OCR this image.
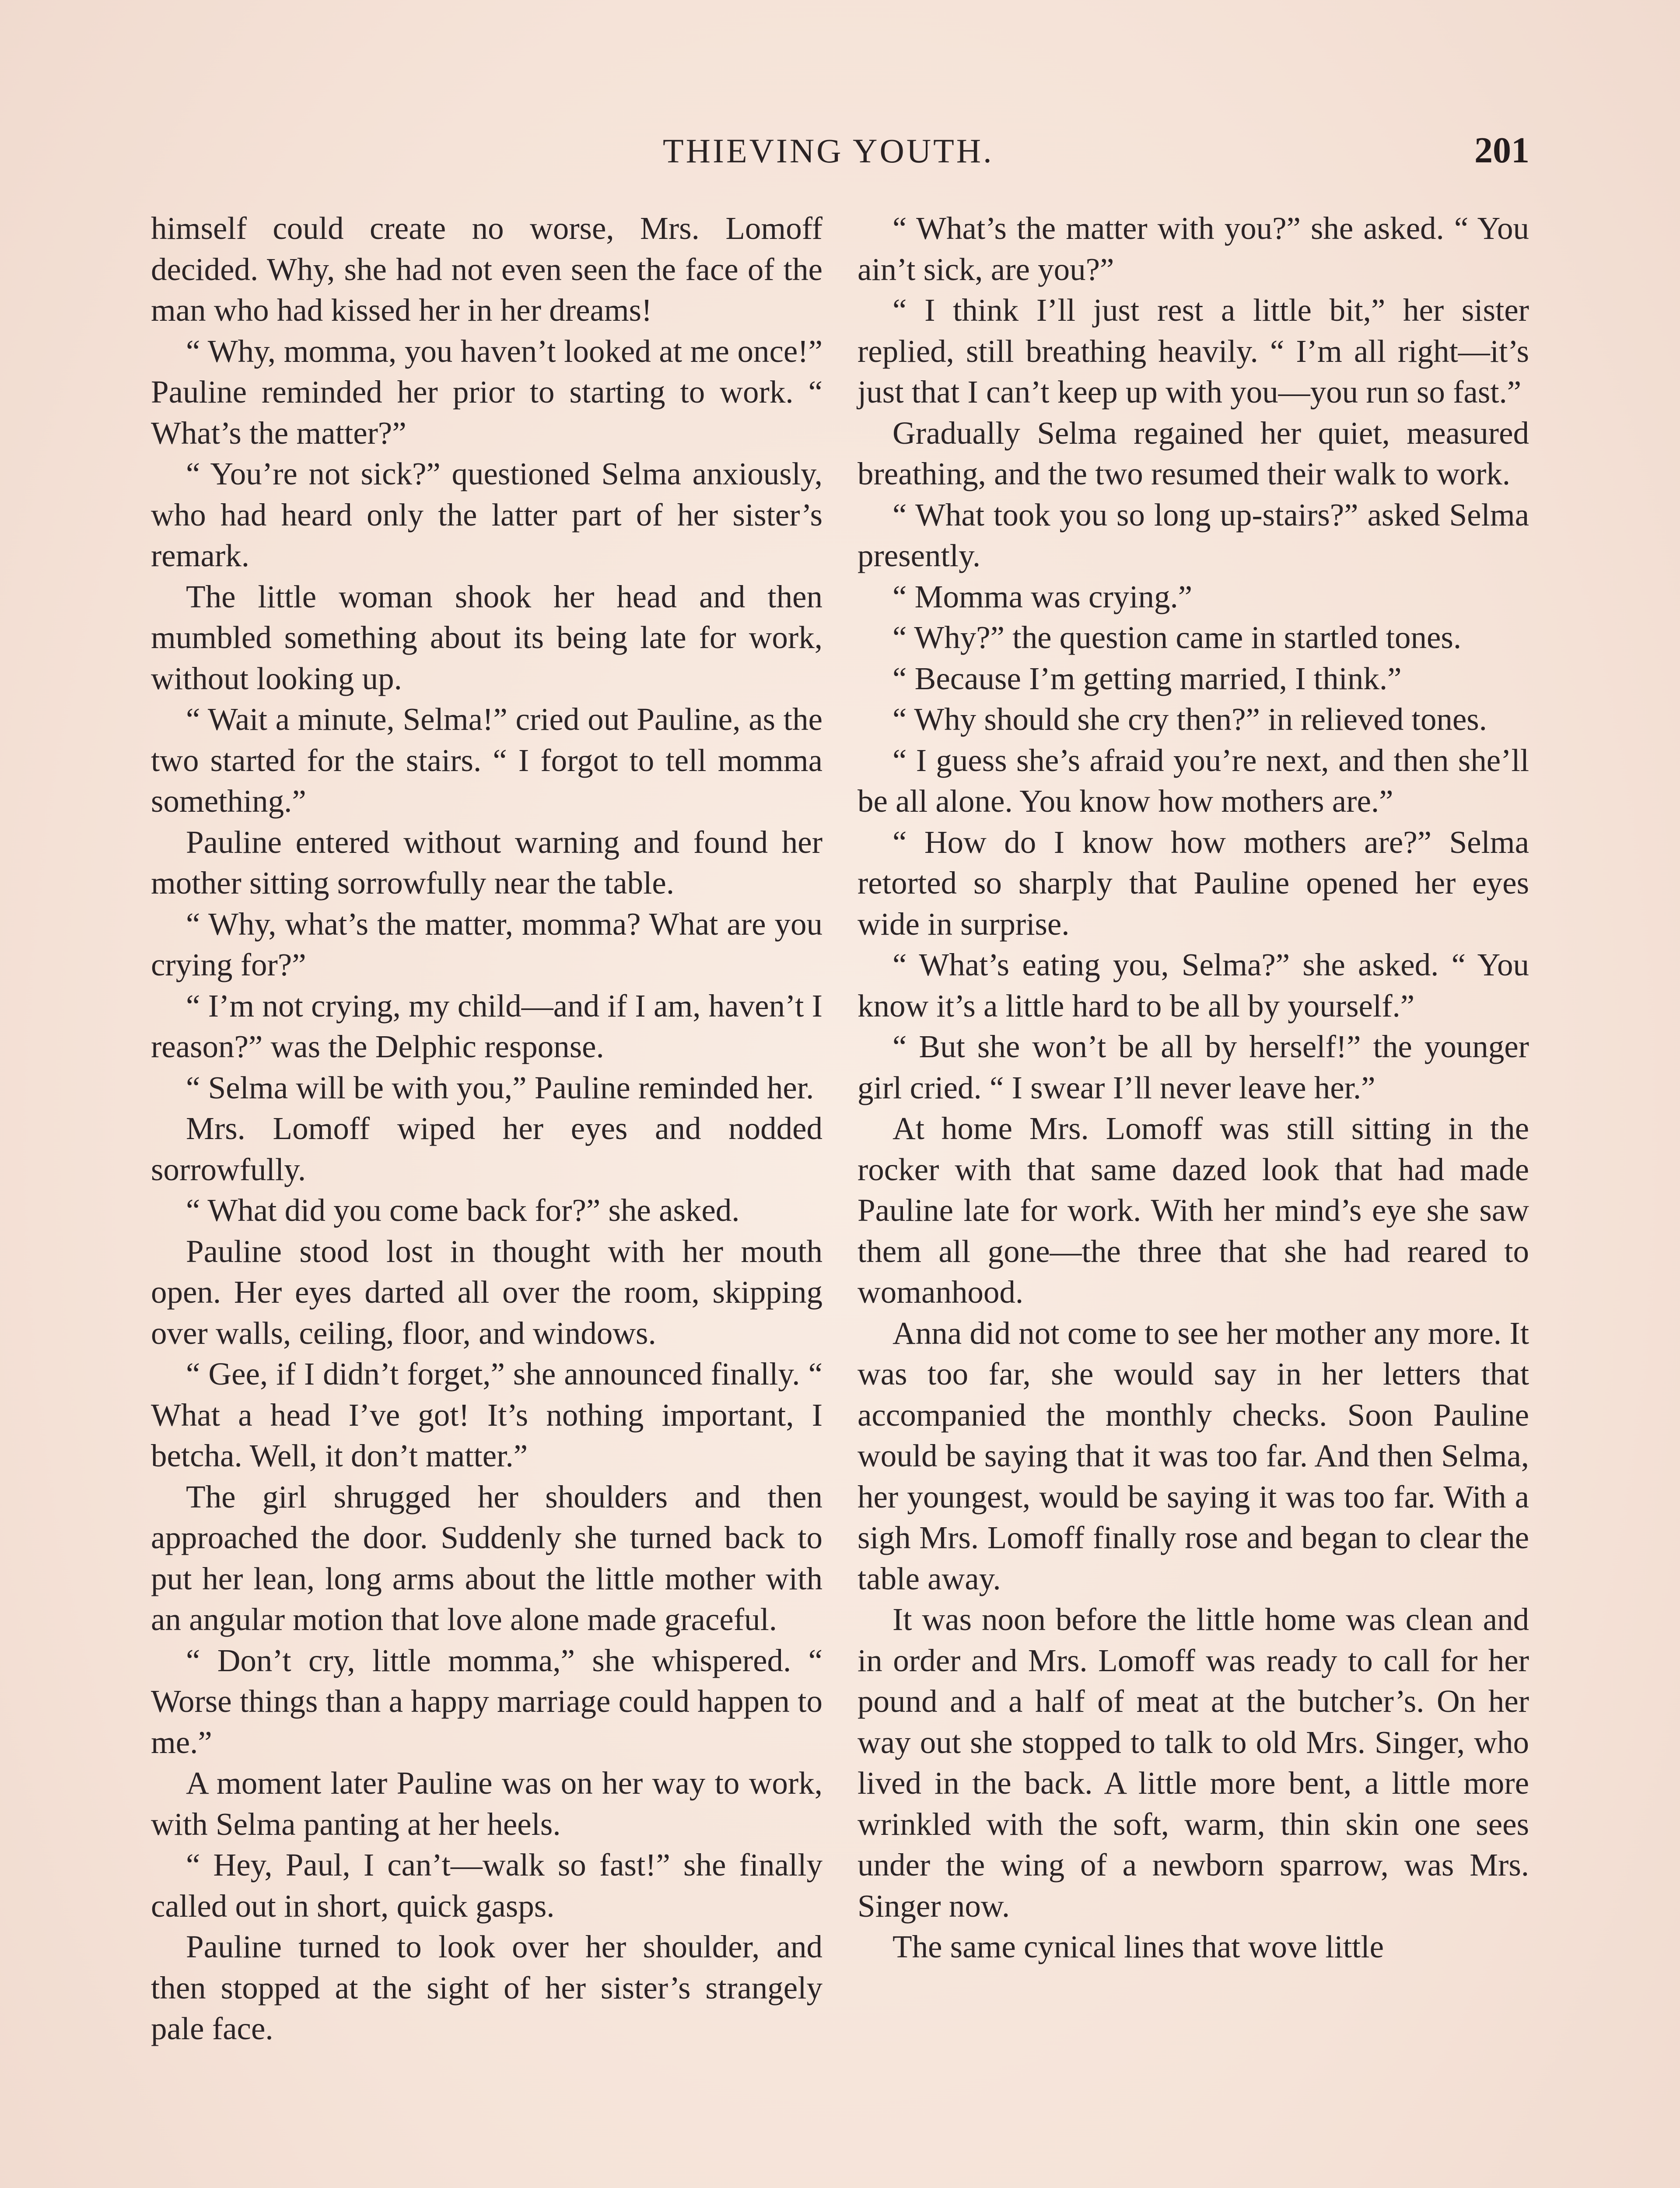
THIEVING YOUTH.	201

himself could create no worse, Mrs. Lomoff decided. Why, she had not even seen the face of the man who had kissed her in her dreams!

“ Why, momma, you haven’t looked at me once!” Pauline reminded her prior to starting to work. “ What’s the matter?”

“ You’re not sick?” questioned Selma anxiously, who had heard only the latter part of her sister’s remark.

The little woman shook her head and then mumbled something about its being late for work, without looking up.

“ Wait a minute, Selma!” cried out Pauline, as the two started for the stairs. “ I forgot to tell momma something.”

Pauline entered without warning and found her mother sitting sorrowfully near the table.

“ Why, what’s the matter, momma? What are you crying for?”

“ I’m not crying, my child—and if I am, haven’t I reason?” was the Delphic response.

“ Selma will be with you,” Pauline reminded her.

Mrs. Lomoff wiped her eyes and nodded sorrowfully.

“ What did you come back for?” she asked.

Pauline stood lost in thought with her mouth open. Her eyes darted all over the room, skipping over walls, ceiling, floor, and windows.

“ Gee, if I didn’t forget,” she announced finally. “ What a head I’ve got! It’s nothing important, I betcha. Well, it don’t matter.”

The girl shrugged her shoulders and then approached the door. Suddenly she turned back to put her lean, long arms about the little mother with an angular motion that love alone made graceful.

“ Don’t cry, little momma,” she whispered. “ Worse things than a happy marriage could happen to me.”

A moment later Pauline was on her way to work, with Selma panting at her heels.

“ Hey, Paul, I can’t—walk so fast!” she finally called out in short, quick gasps.

Pauline turned to look over her shoulder, and then stopped at the sight of her sister’s strangely pale face.

“ What’s the matter with you?” she asked. “ You ain’t sick, are you?”

“ I think I’ll just rest a little bit,” her sister replied, still breathing heavily. “ I’m all right—it’s just that I can’t keep up with you—you run so fast.”

Gradually Selma regained her quiet, measured breathing, and the two resumed their walk to work.

“ What took you so long up-stairs?” asked Selma presently.

“ Momma was crying.”

“ Why?” the question came in startled tones.

“ Because I’m getting married, I think.”

“ Why should she cry then?” in relieved tones.

“ I guess she’s afraid you’re next, and then she’ll be all alone. You know how mothers are.”

“ How do I know how mothers are?” Selma retorted so sharply that Pauline opened her eyes wide in surprise.

“ What’s eating you, Selma?” she asked. “ You know it’s a little hard to be all by yourself.”

“ But she won’t be all by herself!” the younger girl cried. “ I swear I’ll never leave her.”

At home Mrs. Lomoff was still sitting in the rocker with that same dazed look that had made Pauline late for work. With her mind’s eye she saw them all gone—the three that she had reared to womanhood.

Anna did not come to see her mother any more. It was too far, she would say in her letters that accompanied the monthly checks. Soon Pauline would be saying that it was too far. And then Selma, her youngest, would be saying it was too far. With a sigh Mrs. Lomoff finally rose and began to clear the table away.

It was noon before the little home was clean and in order and Mrs. Lomoff was ready to call for her pound and a half of meat at the butcher’s. On her way out she stopped to talk to old Mrs. Singer, who lived in the back. A little more bent, a little more wrinkled with the soft, warm, thin skin one sees under the wing of a newborn sparrow, was Mrs. Singer now.

The same cynical lines that wove little
